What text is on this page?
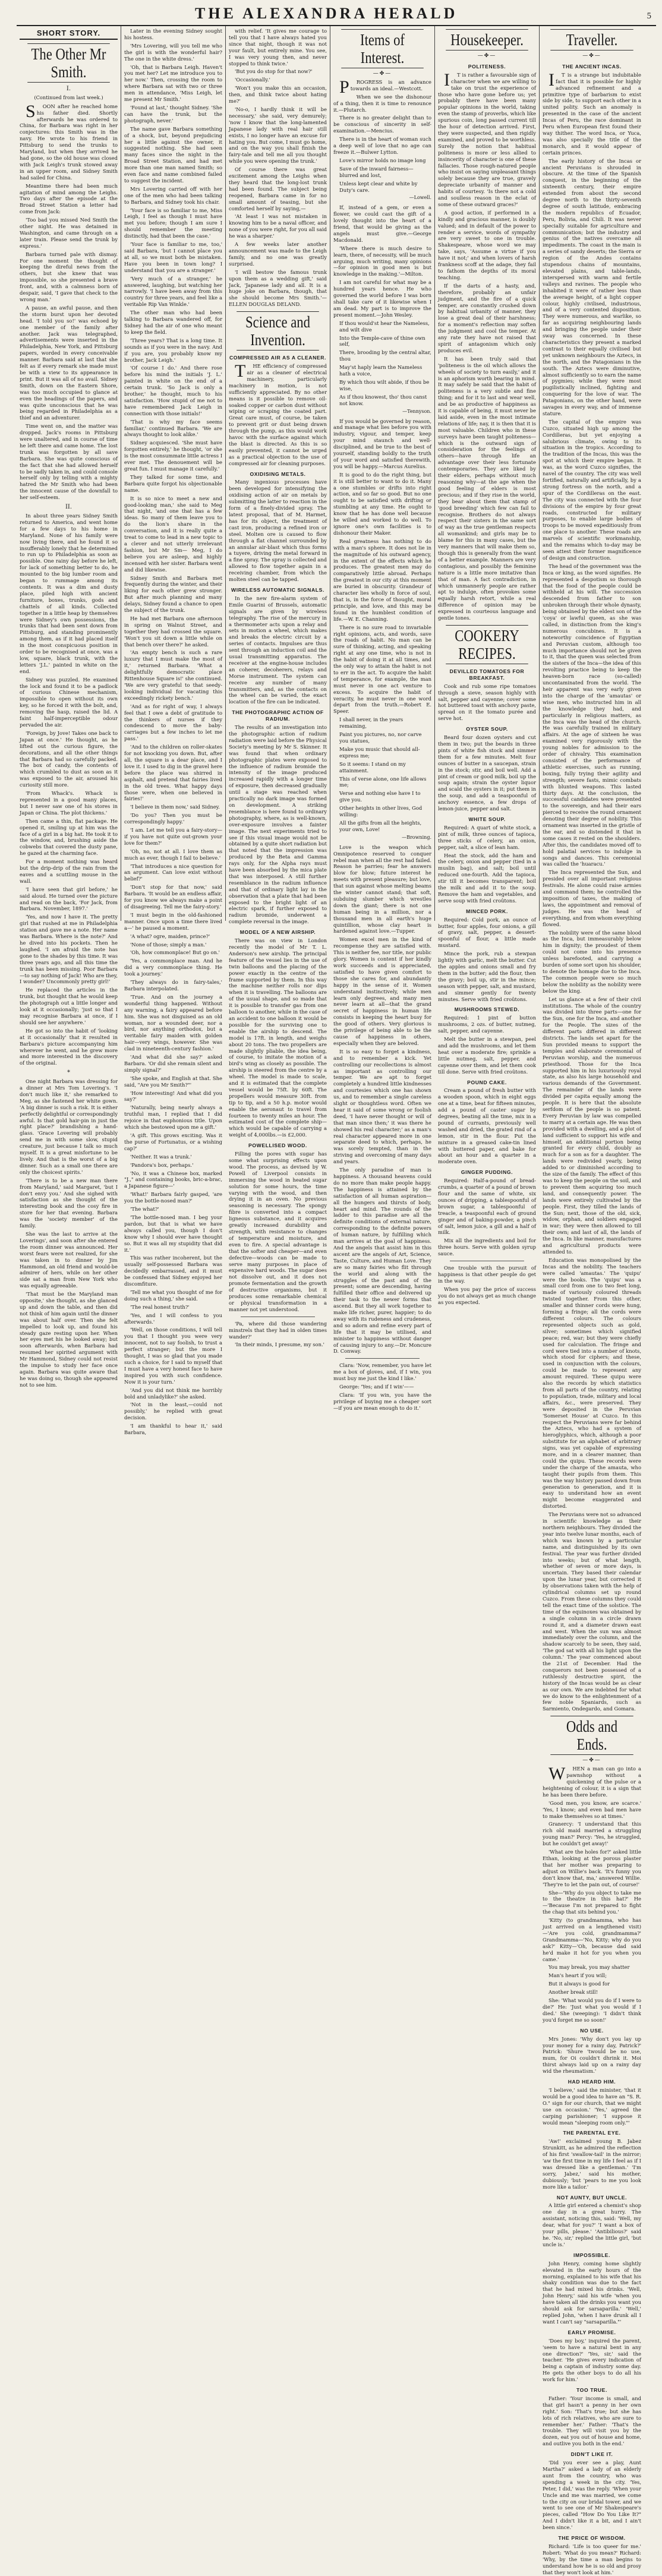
THE ALEXANDRA HERALD	5
SHORT STORY.
The Other Mr Smith.
I.
(Continued from last week.)

SOON after he reached home his father died. Shortly afterwards he was ordered to China, for Barbara was right in her conjectures: this Smith was in the navy. He wrote to his friend in Pittsburg to send the trunks to Maryland, but when they arrived he had gone, so the old house was closed with Jack Leigh's trunk stowed away in an upper room, and Sidney Smith had sailed for China.

Meantime there had been much agitation of mind among the Leighs. Two days after the episode at the Broad Street Station a letter had come from Jack:

'Too bad you missed Ned Smith the other night. He was detained in Washington, and came through on a later train. Please send the trunk by express.'

Barbara turned pale with dismay. For one moment the thought of keeping the direful news from the others, but she knew that was impossible, so she presented a brave front, and, with a calmness born of despair, said, 'I gave that check to the wrong man.'

A pause, an awful pause, and then the storm burst upon her devoted head. 'I told you so!' was echoed by one member of the family after another. Jack was telegraphed, advertisements were inserted in the Philadelphia, New York, and Pittsburg papers, worded in every conceivable manner. Barbara said at last that she felt as if every remark she made must be with a view to its appearance in print. But it was all of no avail. Sidney Smith, down on the Eastern Shore, was too much occupied to glance at even the headings of the papers, and was quite unconscious that he was being regarded in Philadelphia as a thief and an adventurer.

Time went on, and the matter was dropped. Jack's rooms in Pittsburg were unaltered, and in course of time he left there and came home. The lost trunk was forgotten by all save Barbara. She was quite conscious of the fact that she had allowed herself to be sadly taken in, and could console herself only by telling with a mighty hatred the Mr Smith who had been the innocent cause of the downfall to her self-esteem.

II.

In about three years Sidney Smith returned to America, and went home for a few days to his home in Maryland. None of his family were now living there, and he found it so insufferably lonely that he determined to run up to Philadelphia as soon as possible. One rainy day before he left, for lack of something better to do, he mounted to the big lumber room and began to rummage among its contents. It was a dim and dusty place, piled high with ancient furniture, boxes, trunks, gods and chattels of all kinds. Collected together in a little heap by themselves were Sidney's own possessions, the trunks that had been sent down from Pittsburg, and standing prominently among them, as if it had placed itself in the most conspicuous position in order to be recognised at once, was a low, square, black trunk, with the letters 'J.L.' painted in white on the end.

Sidney was puzzled. He examined the lock and found it to be a padlock of curious Chinese mechanism, impossible to open without its own key, so he forced it with the bolt, and, removing the hasp, raised the lid. A faint half-imperceptible odour pervaded the air.

'Foreign, by Jove! Takes one back to Japan at once.' He thought, as he lifted out the curious figure, the decorations, and all the other things that Barbara had so carefully packed. The box of candy, the contents of which crumbled to dust as soon as it was exposed to the air, aroused his curiosity still more.

'From Whack's. Whack is represented in a good many places, but I never saw one of his stores in Japan or China. The plot thickens.'

Then came a thin, flat package. He opened it, smiling up at him was the face of a girl in a big hat. He took it to the window, and, brushing aside the cobwebs that covered the dusty pane, he gazed at the charming face.

For a moment nothing was heard but the drip-drip of the rain from the eaves and a scuttling mouse in the wall.

'I have seen that girl before,' he said aloud. He turned over the picture and read on the back, 'For Jack, from Barbara. November, 1897.'

'Yes, and now I have it. The pretty girl that rushed at me in Philadelphia station and gave me a note. Her name was Barbara. Where is the note?' And he dived into his pockets. Then he laughed. 'I am afraid the note has gone to the shades by this time. It was three years ago, and all this time the trunk has been missing. Poor Barbara—to say nothing of Jack! Who are they, I wonder? Uncommonly pretty girl!'

He replaced the articles in the trunk, but thought that he would keep the photograph out a little longer and look at it occasionally; 'just so that I may recognise Barbara at once, if I should see her anywhere.'

He got so into the habit of 'looking at it occasionally' that it resulted in Barbara's picture accompanying him wherever he went, and he grew more and more interested in the discovery of the original.

*

One night Barbara was dressing for a dinner at Mrs Tom Lovering's. 'I don't much like it,' she remarked to Meg, as she fastened her white gown. 'A big dinner is such a risk. It is either perfectly delightful or correspondingly awful. Is that gold hair-pin in just the right place?' brandishing a hand-glass. 'Grace Lovering will probably send me in with some slow, stupid creature, just because I talk so much myself. It is a great misfortune to be lively. And that is the worst of a big dinner. Such as a small one there are only the choicest spirits.'

'There is to be a new man there from Maryland,' said Margaret, 'but I don't envy you.' And she sighed with satisfaction as she thought of the interesting book and the cosy fire in store for her that evening. Barbara was the 'society member' of the family.

She was the last to arrive at the Loverings', and soon after she entered the room dinner was announced. Her worst fears were not realized, for she was taken in to dinner by Jim Hammond, an old friend and would-be admirer of hers, while on her other side sat a man from New York who was equally agreeable.

'That must be the Maryland man opposite,' she thought, as she glanced up and down the table, and then did not think of him again until the dinner was about half over. Then she felt impelled to look up, and found his steady gaze resting upon her. When her eyes met his he looked away; but soon afterwards, when Barbara had resumed her spirited argument with Mr Hammond, Sidney could not resist the impulse to study her face once again. Barbara was quite aware that he was doing so, though she appeared not to see him.

Later in the evening Sidney sought his hostess.

'Mrs Lovering, will you tell me who the girl is with the wonderful hair? The one in the white dress.'

'Oh, that is Barbara Leigh. Haven't you met her? Let me introduce you to her now.' Then, crossing the room to where Barbara sat with two or three men in attendance, 'Miss Leigh, let me present Mr Smith.'

'Found at last,' thought Sidney. 'She can have the trunk, but the photograph, never.'

The name gave Barbara something of a shock, but, beyond prejudicing her a little against the owner, it suggested nothing. She had seen many faces since the night in the Broad Street Station, and had met more than one man named Smith; so even face and name combined failed to suggest the incident.

Mrs Lovering carried off with her one of the men who had been talking to Barbara, and Sidney took his chair.

'Your face is so familiar to me, Miss Leigh, I feel as though I must have met you before; though I am sure I should remember the meeting distinctly, had that been the case.'

'Your face is familiar to me, too,' said Barbara, 'but I cannot place you at all, so we must both be mistaken. Have you been in town long? I understand that you are a stranger.'

'Very much of a stranger,' he answered, laughing, but watching her narrowly. 'I have been away from this country for three years, and feel like a veritable Rip Van Winkle.'

The other man who had been talking to Barbara wandered off, for Sidney had the air of one who meant to keep the field.

'Three years? That is a long time. It sounds as if you were in the navy. And if you are, you probably know my brother, Jack Leigh.'

'Of course I do.' And there rose before his mind the initials 'J. L.' painted in white on the end of a certain trunk. 'So Jack is only a brother,' he thought, much to his satisfaction. 'How stupid of me not to have remembered Jack Leigh in connection with those initials!'

'That is why my face seems familiar,' continued Barbara. 'We are always thought to look alike.'

Sidney acquiesced. 'She must have forgotten entirely,' he thought, 'or she is the most consummate little actress I ever met. The denouement will be great fun. I must manage it carefully.'

They talked for some time, and Barbara quite forgot his objectionable name.

It is so nice to meet a new and good-looking man,' she said to Meg that night, 'and one that has a few ideas. So many of them leave you to do the lion's share in the conversation, and it is really quite a treat to come to lead in a new topic to a clever and not utterly irrelevant fashion, but Mr Sm— Meg, I do believe you are asleep, and highly incensed with her sister. Barbara went and did likewise.

Sidney Smith and Barbara met frequently during the winter, and their liking for each other grew stronger. But after much planning and many delays, Sidney found a chance to open the subject of the trunk.

He had met Barbara one afternoon in spring on Walnut Street, and together they had crossed the square. 'Won't you sit down a little while on that bench over there?' he asked.

'An empty bench is such a rare luxury that I must make the most of it,' returned Barbara. 'What a delightfully democratic place Rittenhouse Square is!' she continued. 'We are very grateful to that seedy-looking individual for vacating this exceedingly rickety bench.'

'And as for right of way, I always feel that I owe a debt of gratitude to the thinkers of nurses if they condescend to move the baby-carriages but a few inches to let me pass.'

'And to the children on roller-skates for not knocking you down. But, after all, the square is a dear place, and I love it. I used to dig in the gravel here before the place was shirred in asphalt, and pretend that fairies lived in the old trees. What happy days those were, when one believed in fairies!'

'I believe in them now,' said Sidney.

'Do you? Then you must be correspondingly happy.'

'I am. Let me tell you a fairy-story—if you have not quite out-grown your love for them?'

'Oh, no, not at all. I love them as much as ever, though I fail to believe.'

'That introduces a nice question for an argument. Can love exist without belief?'

'Don't stop for that now,' said Barbara. 'It would be an endless affair, for you know we always make a point of disagreeing. Tell me the fairy-story.'

'I must begin in the old-fashioned manner. Once upon a time there lived a—' he paused a moment.

'A what? ogre, maiden, prince?'

'None of those; simply a man.'

'Oh, how commonplace! But go on.'

'Yes, a commonplace man. And he did a very commonplace thing. He took a journey.'

'They always do in fairy-tales,' Barbara interpolated.

'True. And on the journey a wonderful thing happened. Without any warning, a fairy appeared before him. She was not disguised as an old woman, nor a wounded deer, nor a bird, nor anything orthodox, but a veritable fairy maiden with golden hair—very wings, however. She was clad in nineteenth-century fashion.'

'And what did she say?' asked Barbara. 'Or did she remain silent and simply signal?'

'She spoke, and English at that. She said, "Are you Mr Smith?"'

'How interesting! And what did you say?'

'Naturally, being nearly always a truthful man, I replied that I did rejoice in that euphonious title. Upon which she bestowed upon me a gift.'

'A gift. This grows exciting. Was it the purse of Fortunatus, or a wishing cap?'

'Neither. It was a trunk.'

'Pandora's box, perhaps.'

'No, it was a Chinese box, marked "J.," and containing books, bric-a-brac, a Japanese figure—'

'What!' Barbara fairly gasped, 'are you the bottle-nosed man?'

'The what?'

'The bottle-nosed man. I beg your pardon, but that is what we have always called you, though I don't know why I should ever have thought so. But it was all my stupidity that did it.'

This was rather incoherent, but the usually self-possessed Barbara was decidedly embarrassed, and it must be confessed that Sidney enjoyed her discomfiture.

'Tell me what you thought of me for doing such a thing,' she said.

'The real honest truth?'

'Yes, and I will confess to you afterwards.'

'Well, on those conditions, I will tell you that I thought you were very innocent, not to say foolish, to trust a perfect stranger; but the more I thought, I was so glad that you made such a choice, for I said to myself that I must have a very honest face to have inspired you with such confidence. Now it is your turn.'

'And you did not think me horribly bold and unladylike?' she asked.

'Not in the least,—could not possibly,' he replied with great decision.

'I am thankful to hear it,' said Barbara,

with relief. 'It gives me courage to tell you that I have always hated you since that night, though it was not your fault, but entirely mine. You see, I was very young then, and never stopped to think twice.'

'But you do stop for that now?'

'Occasionally.'

'Won't you make this an occasion, then, and think twice about hating me?'

'No-o, I hardly think it will be necessary,' she said, very demurely; 'now I know that the long-lamented Japanese lady with real hair still exists, I no longer have an excuse for hating you. But come, I must go home, and on the way you shall finish the fairy-tale and tell me all you thought while you were opening the trunk.'

Of course there was great excitement among the Leighs when they heard that the long-lost trunk had been found. The subject being reopened, Barbara came in for no small amount of teasing, but she comforted herself by saying,—

'At least I was not mistaken in knowing him to be a naval officer, and none of you were right, for you all said he was a sharper.'

A few weeks later another announcement was made to the Leigh family, and no one was greatly surprised.

'I will bestow the famous trunk upon them as a wedding gift,' said Jack, 'Japanese lady and all. It is a huge joke on Barbara, though, that she should become Mrs Smith.'—ELLEN DOUGLAS DELAND.

Science and Invention.
COMPRESSED AIR AS A CLEANER.

THE efficiency of compressed air as a cleaner of electrical machinery, particularly machinery in motion, is not sufficiently appreciated. By no other means is it possible to remove oil-soaked copper or carbon dust without wiping or scraping the coated part. Great care must, of course, be taken to prevent grit or dust being drawn through the pump, as this would work havoc with the surface against which the blast is directed. As this is so easily prevented, it cannot be urged as a practical objection to the use of compressed air for cleaning purposes.

OXIDISING METALS.

Many ingenious processes have been developed for intensifying the oxidising action of air on metals by submitting the latter to reaction in the form of a finely-divided spray. The latest proposal, that of M. Harmet, has for its object, the treatment of cast iron, producing a refined iron or steel. Molten ore is caused to flow through a flat channel surrounded by an annular air-blast which thus forms a tuyere, driving the metal forward in a fine spray. The spray is collected and allowed to flow together again in a receiving chamber, from which the molten steel can be tapped.

WIRELESS AUTOMATIC SIGNALS.

In the new fire-alarm system of Emile Guarini of Brussels, automatic signals are given by wireless telegraphy. The rise of the mercury in a thermometer acts upon a relay and sets in motion a wheel, which makes and breaks the electric circuit by a series of contacts. Impulses are thus sent through an induction coil and the usual transmitting apparatus. The receiver at the engine-house includes an coherer, decoherers, relays and Morse instrument. The system can receive any number of many transmitters, and, as the contacts on the wheel can be varied, the exact location of the fire can be indicated.

THE PHOTOGRAPHIC ACTION OF RADIUM.

The results of an investigation into the photographic action of radium radiation were laid before the Physical Society's meeting by Mr S. Skinner. It was found that when ordinary photographic plates were exposed to the influence of radium bromide the intensity of the image produced increased rapidly with a longer time of exposure, then decreased gradually until a stage was reached when practically no dark image was formed on development. A striking resemblance is here found to ordinary photography, where, as is well-known, over-exposure involves a fainter image. The next experiments tried to see if this visual image would not be obtained by a quite short radiation but that noted that the impression was produced by the Beta and Gamma rays only, for the Alpha rays must have been absorbed by the mica plate that was interposed. A still further resemblance in the radium influence and that of ordinary light lay in the observation that a plate that had been exposed to the bright light of an electric spark, if further exposed to radium bromide, underwent a complete reversal in the image.

MODEL OF A NEW AIRSHIP.

There was on view in London recently the model of Mr T. L. Anderson's new airship. The principal feature of the vessel lies in the use of twin balloons and the placing of the power exactly in the centre of the frame supported by them. In this way the machine neither rolls nor dips when it is travelling. The balloons are of the usual shape, and so made that it is possible to transfer gas from one balloon to another, while in the case of an accident to one balloon it would be possible for the surviving one to enable the airship to descend. The model is 17ft. in length, and weighs about 20 tons. The two propellers are made slightly pliable, the idea being, of course, to imitate the motion of a bird's wing as closely as possible. The airship is steered from the centre by a wheel. The model is made to scale, and it is estimated that the complete vessel would be 75ft. by 60ft. The propellers would measure 30ft. from tip to tip, and a 50 h.p. motor would enable the aeronaut to travel from fourteen to twenty miles an hour. The estimated cost of the complete ship—which would be capable of carrying a weight of 4,000lbs.—is £2,000.

POWELLISED WOOD.

Filling the pores with sugar has some what surprising effects upon wood. The process, as devised by W. Powell of Liverpool consists in immersing the wood in heated sugar solution for some hours, the time varying with the wood, and then drying it in an oven. No previous seasoning is necessary. The spongy fibre is converted into a compact ligneous substance, and it acquires greatly increased durability and strength, with resistance to changes of temperature and moisture, and even to fire. A special advantage is that the softer and cheaper—and even defective—woods can be made to serve many purposes in place of expensive hard woods. The sugar does not dissolve out, and it does not promote fermentation and the growth of destructive organisms, but it produces some remarkable chemical or physical transformation in a manner not yet understood.

'Pa, where did those wandering minstrels that they had in olden times wander?'

'In their minds, I presume, my son.'

Items of Interest.
—✤—

PROGRESS is an advance towards an ideal.—Westcott.

When we see the dishonour of a thing, then it is time to renounce it.—Plutarch.

There is no greater delight than to be conscious of sincerity in self-examination.—Mencius.

There is in the heart of woman such a deep well of love that no age can freeze it.—Bulwer Lytton.

Love's mirror holds no image long

Save of the inward fairness—blurred and lost,

Unless kept clear and white by Duty's care.

—Lowell.

If, instead of a gem, or even a flower, we could cast the gift of a lovely thought into the heart of a friend, that would be giving as the angels must give.—George Macdonald.

'Where there is much desire to learn, there, of necessity, will be much arguing, much writing, many opinions—for opinion in good men is but knowledge in the making.'—Milton.

I am not careful for what may be a hundred years hence. He who governed the world before I was born shall take care of it likewise when I am dead. My part is to improve the present moment.—John Wesley.

If thou would'st hear the Nameless, and wilt dive

Into the Temple-cave of thine own self,

There, brooding by the central altar, thou

May'st haply learn the Nameless hath a voice,

By which thou wilt abide, if thou be wise,

As if thou knowest, tho' thou canst not know.

—Tennyson.

If you would be governed by reason, and manage what lies before you with industry, vigour, and temper, keep your mind staunch and well-disciplined, and be true to the best of yourself, standing boldly to the truth of your word and satisfied therewith, you will be happy.—Marcus Aurelius.

It is good to do the right thing, but it is still better to want to do it. Many a one stumbles or drifts into right action, and so far so good. But no one ought to be satisfied with drifting or stumbling at any time. He ought to know that he has done well because he willed and worked to do well. To ignore one's own facilities is to dishonour their Maker.

Real greatness has nothing to do with a man's sphere. It does not lie in the magnitude of his outward agency, in the extent of the effects which he produces. The greatest men may do comparatively little abroad. Perhaps the greatest in our city at this moment are buried in obscurity. Grandeur of character lies wholly in force of soul, that is, in the force of thought, moral principle, and love, and this may be found in the humblest condition of life.—W. E. Channing.

There is no sure road to invariable right opinions, acts, and words, save the roads of habit. No man can be sure of thinking, acting, and speaking right at any one time, who is not in the habit of doing it at all times, and the only way to attain the habit is not to err in the act. To acquire the habit of temperance, for example, the man must never in one act venture to excess. To acquire the habit of veracity, he must never in one word depart from the truth.—Robert E. Speer.

I shall never, in the years remaining,

Paint you pictures, no, nor carve you statues,

Make you music that should all-express me;

So it seems: I stand on my attainment.

This of verse alone, one life allows me;

Verse and nothing else have I to give you.

Other heights in other lives, God willing:

All the gifts from all the heights, your own, Love!

—Browning.

Love is the weapon which Omnipotence reserved to conquer rebel man when all the rest had failed. Reason he parries; fear he answers blow for blow; future interest he meets with present pleasure; but love, that sun against whose melting beams the winter cannot stand; that soft, subduing slumber which wrestles down the giant; there is not one human being in a million, nor a thousand men in all earth's huge quintillion, whose clay heart is hardened against love.—Tupper.

Women excel men in the kind of recompense they are satisfied with. This is neither fee, nor title, nor public glory. Women is content if her kindly work succeeds and is appreciated, satisfied to have given comfort to those she cares for, and abundantly happy in the sense of it. Women understand instinctively, while men learn only degrees, and many men never learn at all—that the grand secret of happiness in human life consists in keeping the heart busy for the good of others. Very glorious is the privilege of being able to be the cause of happiness in others, especially when they are beloved.

It is so easy to forget a kindness, and to remember a kick. Yet controlling our recollections is almost as important as controlling our temper. We are apt to forget completely a hundred little kindnesses and courtesies which one has shown us, and to remember a single careless slight or thoughtless word. Often we hear it said of some wrong or foolish deed, 'I have never thought or will of that man since then;' it was there he showed his real character;' as a man's real character appeared more in one separate deed to which, perhaps, he was sorely tempted, than in the striving and overcoming of many days and years.

The only paradise of man is happiness. A thousand heavens could do no more than make people happy. The happiness is attained by the satisfaction of all human aspiration—all the hungers and thirsts of body, heart and mind. The rounds of the ladder to this paradise are all the definite conditions of external nature, corresponding to the definite powers of human nature, by fulfilling which man arrives at the goal of happiness. And the angels that assist him in this ascent are the angels of Art, Science, Taste, Culture, and Human Love. They are so many fairies who flit through the world and along with the struggles of the past and of the present; some are descending, having fulfilled their office and delivered up their task to the newer forms that ascend. But they all work together to make life richer, purer, happier; to do away with its rudeness and crudeness, and so adorn and refine every part of life that it may be utilised, and minister to happiness without danger of causing injury to any.—Dr. Moncure D. Conway.

Clara: 'Now, remember, you have let me a box of gloves, and, if I win, you must buy me just the kind I like.'

George: 'Yes; and if I win'——

Clara: 'If you win, you have the privilege of buying me a cheaper sort—if you are mean enough to do it.'

Housekeeper.
—✤—
POLITENESS.

IT is rather a favourable sign of character when we are willing to take on trust the experience of those who have gone before us; yet probably there have been many popular opinions in the world, taking even the stamp of proverbs, which like spurious coin, long passed current till the hour of detection arrived. First, they were suspected, and then rigidly examined, and proved to be worthless. Surely the notion that habitual politeness is more or less allied to insincerity of character is one of these fallacies. Those rough-natured people who insist on saying unpleasant things solely because they are true, gravely depreciate urbanity of manner and habits of courtesy. 'Is there not a cold and soulless reason in the eclat of some of these outward graces?'

A good action, if performed in a kindly and gracious manner, is doubly valued; and in default of the power to render a service, words of sympathy are very sweet to one in trouble. Shakespeare, whose word we may take, says, 'Assume a virtue if you have it not;' and when lovers of harsh frankness scoff at the adage, they fail to fathom the depths of its moral teaching.

If the darts of a hasty, and, therefore, probably an unfair judgment, and the fire of a quick temper, are constantly crushed down by habitual urbanity of manner, they lose a great deal of their harshness; for a moment's reflection may soften the judgment and cool the temper. At any rate they have not raised that spirit of antagonism which only produces evil.

It has been truly said that 'politeness is the oil which allows the wheels of society to turn easily,' and it is an aphorism worth bearing in mind. It may safely be said that the habit of politeness is a very subtle and fine thing; and for it to last and wear well, and be as productive of happiness as it is capable of being, it must never be laid aside, even in the most intimate relations of life; nay, it is then that it is most valuable. Children who in these surveys have been taught politeness—which is the outward sign of consideration for the feelings of others—have through life an advantage over their less fortunate contemporaries. They are liked by their elders, perhaps without much reasoning why—at the age when the good feeling of elders is most precious; and if they rise in the world, they bear about them that stamp of 'good breeding' which few can fail to recognise. Brothers do not always respect their sisters in the same sort of way as the true gentleman respects all womankind; and girls may be to blame for this in many cases, but the very manners that will make them so, though this is generally from the want of a better example. Manners are very contagious, and possibly the feminine nature is a little more imitative than that of man. A fact contradiction, in which unmannerly people are rather apt to indulge, often provokes some equally harsh retort, while a real difference of opinion may be expressed in courteous language and gentle tones.

COOKERY RECIPES.
DEVILLED TOMATOES FOR BREAKFAST.

Cook and rub some ripe tomatoes through a sieve, season highly with salt, pepper and cayenne; cover some hot buttered toast with anchovy paste, spread on it the tomato purée and serve hot.

OYSTER SOUP.

Beard four dozen oysters and cut them in two; put the beards in three pints of white fish stock and simmer them for a few minutes. Melt four ounces of butter in a saucepan, strain in the stock; stir, and boil well. Add a pint of cream or good milk, boil up the soup again; strain the oyster liquor and scald the oysters in it; put them in the soup, and add a teaspoonful of anchovy essence, a few drops of lemon-juice, pepper and salt.

WHITE SOUP.

Required: A quart of white stock, a pint of milk, three ounces of tapioca, three sticks of celery, an onion, pepper, salt, a slice of lean ham.

Heat the stock, add the ham and the celery, onion and pepper (tied in a muslin bag), and salt; boil until reduced one-fourth. Add the tapioca, stir till it becomes transparent; boil the milk and add it to the soup. Remove the ham and vegetables, and serve soup with fried croûtons.

MINCED PORK.

Required: Cold pork, an ounce of butter, four apples, four onions, a gill of gravy, salt, pepper, a dessert-spoonful of flour, a little made mustard.

Mince the pork, rub a stewpan lightly with garlic, melt the butter. Cut the apples and onions small and fry them in the butter; add the flour, then the gravy; boil up, stir in the mince; season with pepper, salt, and mustard, and simmer gently for twenty minutes. Serve with fried croûtons.

MUSHROOMS STEWED.

Required: 1 pint of button mushrooms, 2 ozs. of butter, nutmeg, salt, pepper, and cayenne.

Melt the butter in a stewpan, peel and add the mushrooms, and let them heat over a moderate fire; sprinkle a little nutmeg, salt, pepper, and cayenne over them, and let them cook till done. Serve with fried croûtons.

POUND CAKE.

Cream a pound of fresh butter with a wooden spoon, which in eight eggs one at a time, beat for fifteen minutes, add a pound of caster sugar by degrees, beating all the time, mix in a pound of currants, previously well washed and dried, the grated rind of a lemon, stir in the flour. Put the mixture in a greased cake-tin lined with buttered paper, and bake for about an hour and a quarter in a moderate oven.

GINGER PUDDING.

Required: Half-a-pound of bread-crumbs, a quarter of a pound of brown flour and the same of white, six ounces of dripping, a tablespoonful of brown sugar, a tablespoonful of treacle, a teaspoonful each of ground ginger and of baking-powder, a pinch of salt, lemon juice, a gill and a half of milk.

Mix all the ingredients and boil for three hours. Serve with golden syrup sauce.

One trouble with the pursuit of happiness is that other people do get in the way.

When you pay the price of success you do not always get as much change as you expected.

Traveller.
—✤—
THE ANCIENT INCAS.

IT is a strange but indubitable fact that it is possible for highly advanced refinement and a primitive type of barbarism to exist side by side, to support each other in a united polity. Such an anomaly is presented in the case of the ancient Incas of Peru, the race dominant in Peru when European first found their way thither. The word Inca, or Yuca, was also specially the title of the monarch, and it would appear of certain princes.

The early history of the Incas or ancient Peruvians is shrouded in obscure. At the time of the Spanish conquest, in the beginning of the sixteenth century, their empire extended from about the second degree north to the thirty-seventh degree of south latitude, embracing the modern republics of Ecuador, Peru, Bolivia, and Chili. It was never specially suitable for agriculture and communication; but the industry and genius of the natives overcame all impediments. The coast in the main is a series of sandy deserts; the Sierra or region of the Andes contains stupendous chains of mountains, elevated plains, and table-lands, interspersed with warm and fertile valleys and ravines. The people who inhabited it were of rather less than the average height, of a light copper colour, highly civilised, industrious, and of a very contented disposition. They were numerous, and warlike, so far as acquiring neighbouring lands and bringing the people under their sway was concerned. In these characteristics they present a marked contrast to their equally civilised but yet unknown neighbours the Aztecs, in the north, and the Patagonians in the south. The Aztecs were diminutive, almost sufficiently so to earn the name of pygmies; while they were most pugilistically inclined, fighting and conquering for the love of war. The Patagonians, on the other hand, were savages in every way, and of immense stature.

The capital of the empire was Cuzco, situated high up among the Cordilleras, but yet enjoying a salubrious climate, owing to its situation in the tropics. According to the tradition of the Incas, this was the spot at which their empire began. It was, as the word Cuzco signifies, the navel of the country. The city was well fortified, naturally and artificially, by a strong fortress on the north, and a spur of the Cordilleras on the east. The city was connected with the four divisions of the empire by four great roads, constructed for military purposes, to enable large bodies of troops to be moved expeditiously from one place to another. These roads are marvels of scientific workmanship, and the remains which to-day may be seen attest their former magnificence of design and construction.

The head of the government was the Inca or king, as the word signifies. He represented a despotism so thorough that the food of the people could be withheld at his will. The succession descended from father to son unbroken through their whole dynasty, being obtained by the eldest son of the 'coya' or lawful queen, as she was called, in distinction from the king's numerous concubines. It is a noteworthy coincidence of Egyptian and Peruvian custom, although too much importance should not be given to it, that the queen was selected from the sisters of the Inca—the idea of this revolting practice being to keep the heaven-born race (so-called) uncontaminated from the world. The heir apparent was very early given into the charge of the 'amautas' or wise men, who instructed him in all the knowledge they had, and particularly in religious matters, as the Inca was the head of the church. He was carefully trained in military affairs. At the age of sixteen he was examined very rigorously with the young nobles for admission to the order of chivalry. This examination consisted of the performance of athletic exercises, such as running, boxing, fully trying their agility and strength; severe fasts, mimic combats with blunted weapons. This lasted thirty days. At the conclusion, the successful candidates were presented to the sovereign, and had their ears pierced to receive the round ornament denoting their degree of nobility. This ornament was inserted in the gristle of the ear, and so distended it that in some cases it rested on the shoulders. After this, the candidates moved off to hold palatial services to indulge in songs and dances. This ceremonial was called the 'huaracu.'

The Inca represented the Sun, and presided over all important religious festivals. He alone could raise armies and command them; he controlled the imposition of taxes, the making of laws, the appointment and removal of judges. He was the head of everything, and from whom everything flowed.

The nobility were of the same blood as the Inca, but immeasurably below him in dignity; the proudest of them could not come into his presence unless barefooted, and carrying a burden of some sort upon his shoulder, to denote the homage due to the Inca. The common people were so much below the nobility as the nobility were below the king.

Let us glance at a few of their civil institutions. The whole of the country was divided into three parts—one for the Sun, one for the Inca, and another for the People. The sizes of the different parts differed in different districts. The lands set apart for the Sun provided means to support the temples and elaborate ceremonial of Peruvian worship, and the numerous priesthood. Those for the Inca supported him in his luxuriously royal state, as also his large household and various demands of the Government. The remainder of the lands were divided per capita equally among the people. It is here that the absolute serfdom of the people is so patent. Every Peruvian by law was compelled to marry at a certain age. He was then provided with a dwelling, and a plot of land sufficient to support his wife and himself, an additional portion being granted for every child, doubly as much for a son as for a daughter. The lands were redivided yearly, being added to or diminished according to the size of the family. The effect of this was to keep the people on the soil, and to prevent them acquiring too much land, and consequently power. The lands were entirely cultivated by the people. First, they tilled the lands of the Sun; next, those of the old, sick, widow, orphan, and soldiers engaged in war; they were then allowed to till their own; and last of all, the lands of the Inca. In like manner, manufactures and agricultural products were attended to.

Education was monopolised by the Incas and the nobility. The teachers were called 'amautas.' The 'quipu' were the books. The 'quipu' was a small cord from one to two feet long, made of variously coloured threads twisted together. From this other, smaller and thinner cords were hung, forming a fringe; all the cords were different colours. The colours represented objects such as gold, silver; sometimes which signified peace; red, war; but they were chiefly used for calculation. The fringe and cord were tied into a number of knots, which stood for ciphers; and these, used in conjunction with the colours, could be made to represent any amount required. These quipu were also the records by which statistics from all parts of the country, relating to population, trade, military and local affairs, &c., were preserved. They were deposited in the Peruvian 'Somerset House' at Cuzco. In this respect the Peruvians were far behind the Aztecs, who had a system of hieroglyphics, which, although a poor substitute for an alphabet of arbitrary signs, was yet capable of expressing more, and in a clearer manner, than could the quipu. These records were under the charge of the amauta, who taught their pupils from them. This was the way history passed down from generation to generation, and it is easy to understand how an event might become exaggerated and distorted.

The Peruvians were not so advanced in scientific knowledge as their northern neighbours. They divided the year into twelve lunar months, each of which was known by a particular name, and distinguished by its own festival. The year was further divided into weeks; but of what length, whether of seven or more days, is uncertain. They based their calendar upon the lunar year, but corrected it by observations taken with the help of cylindrical columns set up round Cuzco. From these columns they could tell the exact time of the solstice. The time of the equinoxes was obtained by a single column in a circle drawn round it, and a diameter drawn east and west. When the sun was almost immediately over the column, and the shadow scarcely to be seen, they said, 'The god sat with all his light upon the column.' The year commenced about the 21st of December. Had the conquerors not been possessed of a ruthlessly destructive spirit, the history of the Incas would be as clear as our own. We are indebted for what we do know to the enlightenment of a few noble Spaniards, such as Sarmiento, Ondegardo, and Gomara.

Odds and Ends.
—✤—

WHEN a man can go into a pawnshop without a quickening of the pulse or a heightening of colour, it is a sign that he has been there before.

'Good men, you know, are scarce.' 'Yes, I know; and even bad men have to make themselves so at times.'

Granercy: 'I understand that this rich old maid married a struggling young man?' Percy: 'Yes, he struggled, but he couldn't get away!'

'What are the holes for?' asked little Ethan, looking at the porous plaster that her mother was preparing to adjust on Willie's back. 'It's funny you don't know that, ma,' answered Willie. 'They're to let the pain out, of course!'

She—'Why do you object to take me to the theatre in this hat?' He—'Because I'm not prepared to fight the chap that sits behind you.'

'Kitty (to grandmamma, who has just arrived on a lengthened visit)—'Are you cold, grandmamma?' Grandmamma—'No, Kitty; why do you ask?' Kitty—'Oh, because dad said he'd make it hot for you when you came.'

You may break, you may shatter

Man's heart if you will;

But it always is good for

Another break still!

She: 'What would you do if I were to die?' He: 'Just what you would if I died.' She (weeping): 'I didn't think you'd forget me so soon!'

NO USE.

Mrs Jones: 'Why don't you lay up your money for a rainy day, Patrick?' Patrick: 'Shure 'twould be no use, mum, for Oi couldn't dhrink it. Moi thirst always laid up on a rainy day wid the rheumatism.'

HAD HEARD HIM.

'I believe,' said the minister, 'that it would be a good idea to have an "S. R. O." sign for our church, that we might use on occasion.' 'Yes,' agreed the carping parishioner; 'I suppose it would mean "sleeping room only."'

THE PARENTAL EYE.

'Aw!' exclaimed young B. Jabez Strunkitt, as he admired the reflection of his first 'swallow-tail' in the mirror; 'aw the first time in my life I feel as if I was dressed like a gentleman.' 'I'm sorry, Jabez,' said his mother, dubiously; 'but 'pears to me you look more like a tailor.'

NOT AUNTY, BUT UNCLE.

A little girl entered a chemist's shop one day in a great hurry. The assistant, noticing this, said: 'Well, my dear, what for you?' 'I want a box of your pills, please.' 'Antibilious?' said he. 'No, sir,' replied the little girl, 'but uncle is.'

IMPOSSIBLE.

John Henry, coming home slightly elevated in the early hours of the morning, explained to his wife that his shaky condition was due to the fact that he had mixed his drinks. 'Well, John Henry,' said his wife 'when you have taken all the drinks you want you should ask for sarsaparilla.' 'Well,' replied John, 'when I have drunk all I want I can't say "sarsaparilla."'

EARLY PROMISE.

'Does my boy,' inquired the parent, 'seem to have a natural bent in any one direction?' 'Yes, sir,' said the teacher. 'He gives every indication of being a captain of industry some day. He gets the other boys to do all his work for him.'

TOO TRUE.

Father: 'Your income is small, and that girl hasn't a penny in her own right.' Son: 'That's true; but she has lots of rich relatives, who are sure to remember her.' Father: 'That's the trouble. They will visit you by the dozen, eat you out of house and home, and outlive you both in the end.'

DIDN'T LIKE IT.

'Did you ever see a play, Aunt Martha?' asked a lady of an elderly aunt from the country, who was spending a week in the city. 'Yes, Peter, I did,' was the reply. 'When your Uncle and me was married, we come to the city on our bridal tower, and we went to see one of Mr Shakespeare's pieces, called "How Do You Like It?" And I didn't like it a bit, and I ain't been since.'

THE PRICE OF WISDOM.

Richard: 'Life is too queer for me.' Robert: 'What do you mean?' Richard: 'Why, by the time a man begins to understand how he is so old and prosy that they won't look at him.'
